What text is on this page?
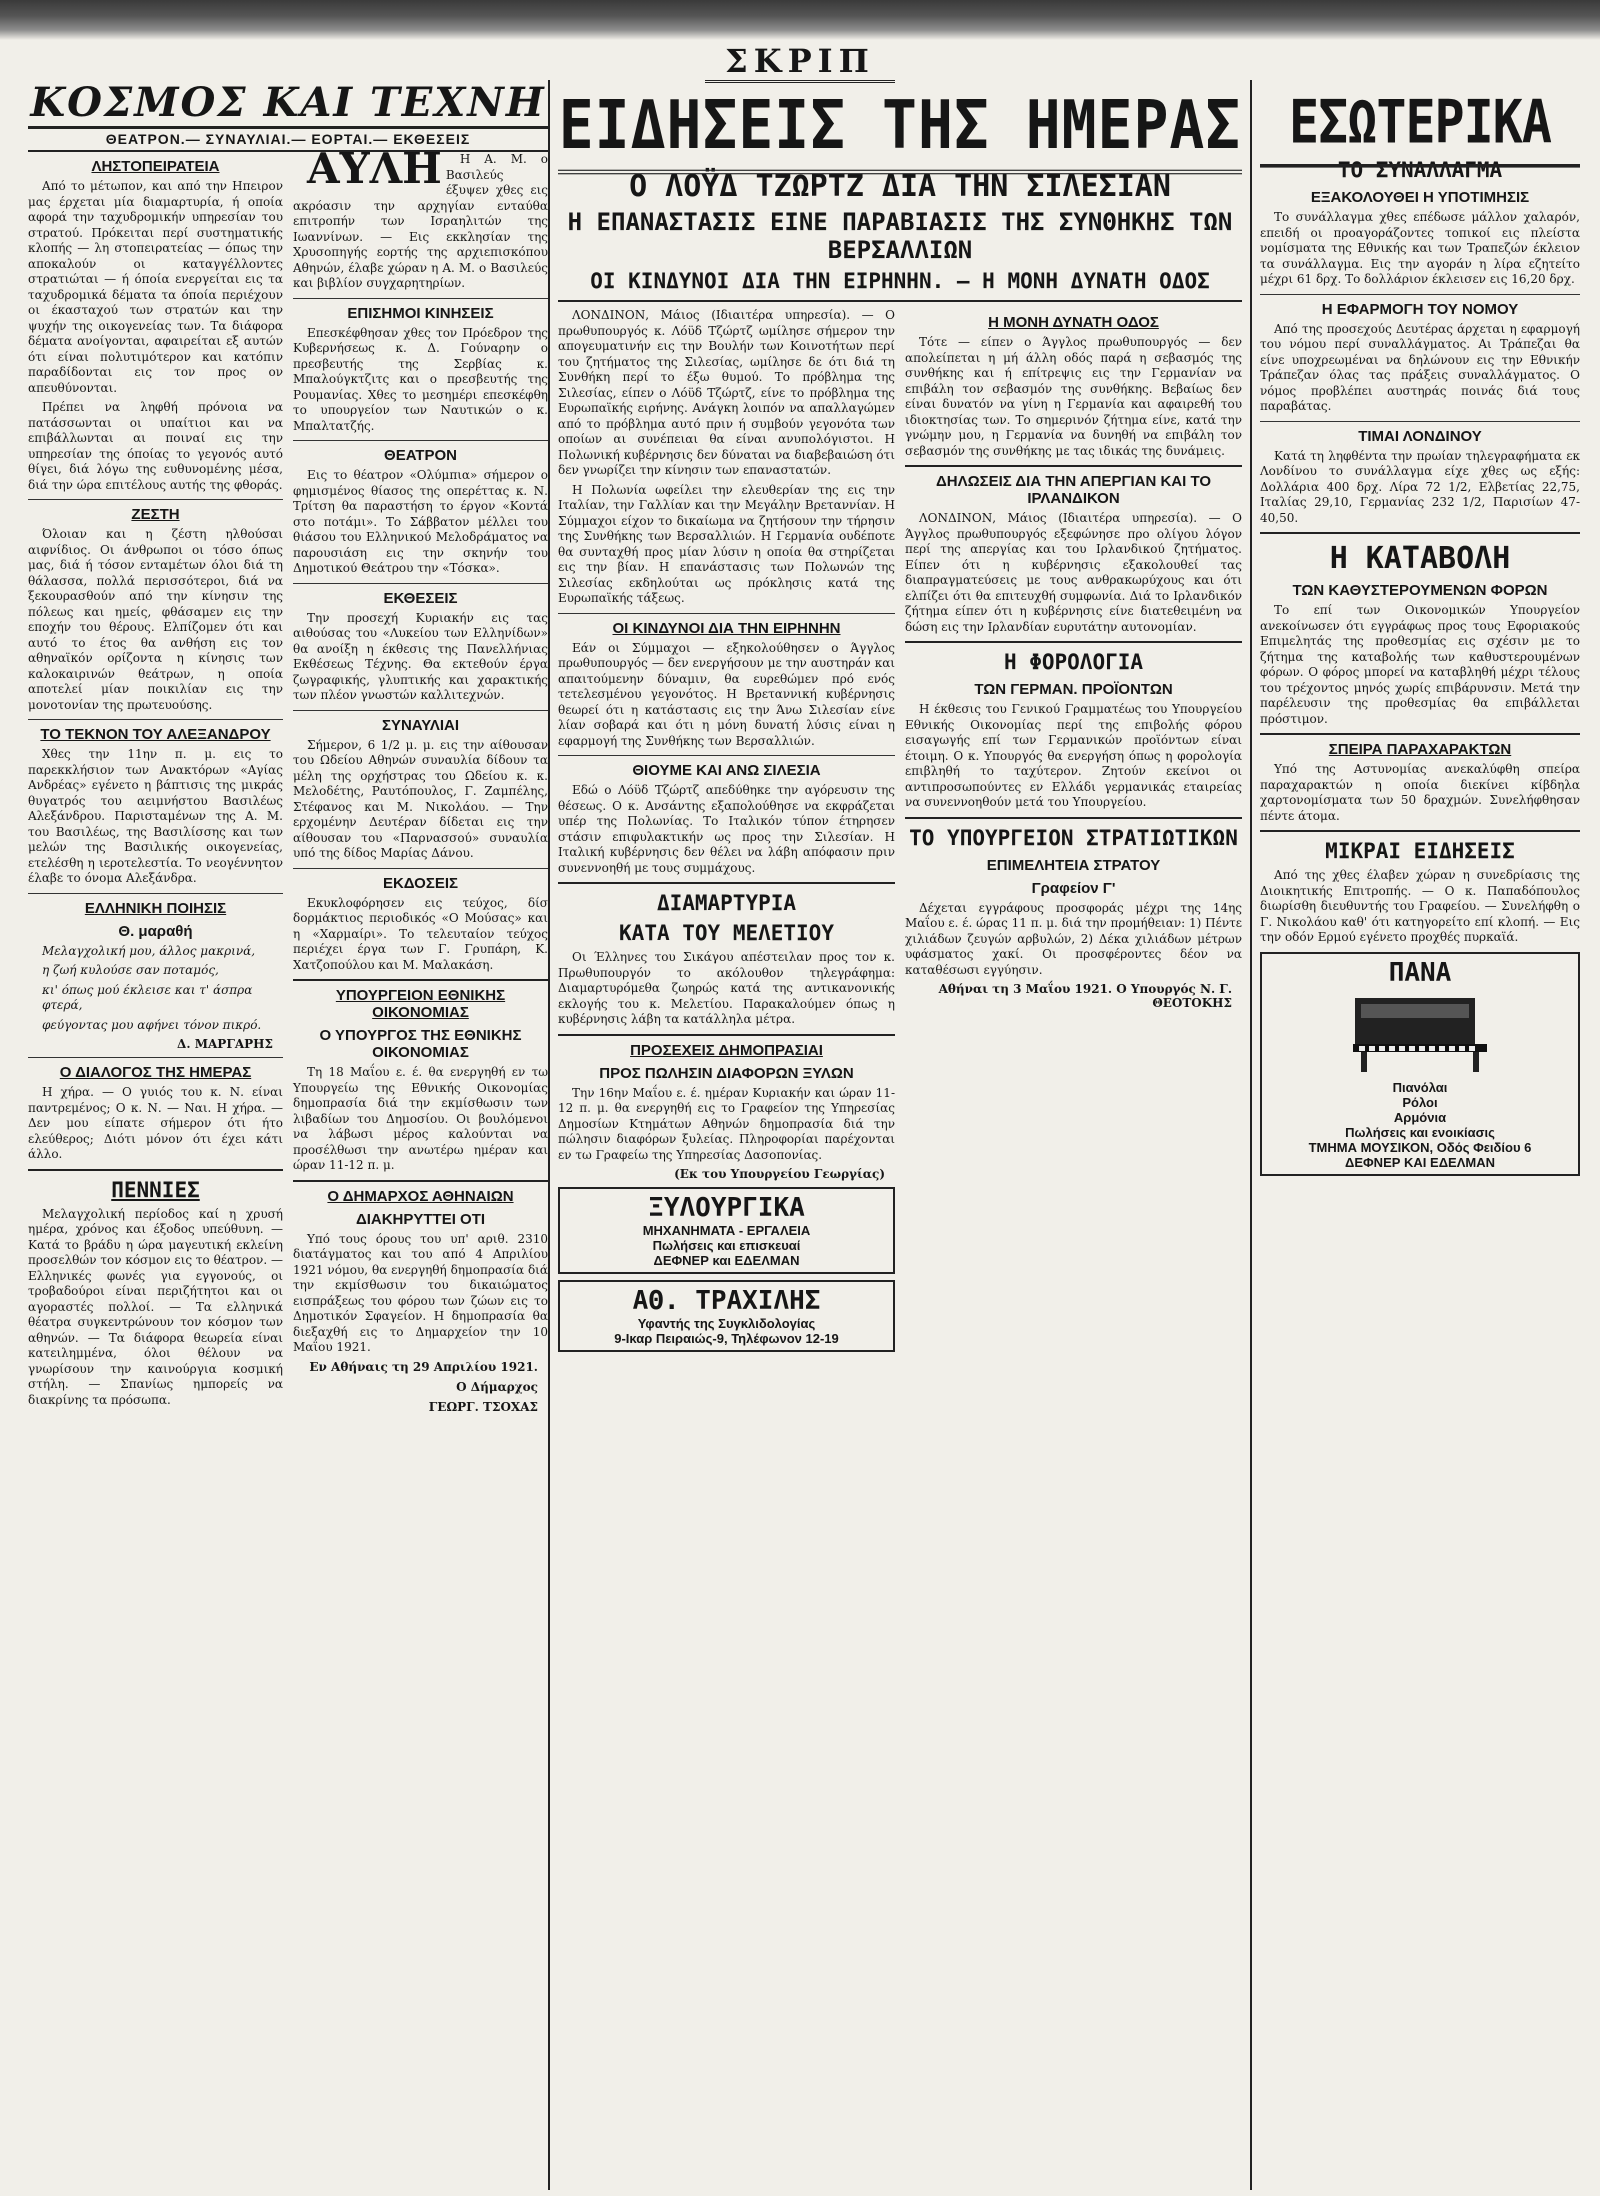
ΣΚΡΙΠ
ΚΟΣΜΟΣ ΚΑΙ ΤΕΧΝΗ
ΘΕΑΤΡΟΝ.— ΣΥΝΑΥΛΙΑΙ.— ΕΟΡΤΑΙ.— ΕΚΘΕΣΕΙΣ
ΛΗΣΤΟΠΕΙΡΑΤΕΙΑ

Από το μέτωπον, και από την Ηπειρον μας έρχεται μία διαμαρτυρία, ή οποία αφορά την ταχυδρομικήν υπηρεσίαν του στρατού. Πρόκειται περί συστηματικής κλοπής — λη στοπειρατείας — όπως την αποκαλούν οι καταγγέλλοντες στρατιώται — ή όποία ενεργείται εις τα ταχυδρομικά δέματα τα όποία περιέχουν οι έκασταχού των στρατών και την ψυχήν της οικογενείας των. Τα διάφορα δέματα ανοίγονται, αφαιρείται εξ αυτών ότι είναι πολυτιμότερον και κατόπιν παραδίδονται εις τον προς ον απευθύνονται.

Πρέπει να ληφθή πρόνοια να πατάσσωνται οι υπαίτιοι και να επιβάλλωνται αι ποιναί εις την υπηρεσίαν της όποίας το γεγονός αυτό θίγει, διά λόγω της ευθυνομένης μέσα, διά την ώρα επιτέλους αυτής της φθοράς.

ΖΕΣΤΗ

Όλοιαν και η ζέστη ηλθούσαι αιφνίδιος. Οι άνθρωποι οι τόσο όπως μας, διά ή τόσον ενταμέτων όλοι διά τη θάλασσα, πολλά περισσότεροι, διά να ξεκουρασθούν από την κίνησιν της πόλεως και ημείς, φθάσαμεν εις την εποχήν του θέρους. Ελπίζομεν ότι και αυτό το έτος θα ανθήση εις τον αθηναϊκόν ορίζοντα η κίνησις των καλοκαιρινών θεάτρων, η οποία αποτελεί μίαν ποικιλίαν εις την μονοτονίαν της πρωτευούσης.

ΤΟ ΤΕΚΝΟΝ ΤΟΥ ΑΛΕΞΑΝΔΡΟΥ

Χθες την 11ην π. μ. εις το παρεκκλήσιον των Ανακτόρων «Αγίας Ανδρέας» εγένετο η βάπτισις της μικράς θυγατρός του αειμνήστου Βασιλέως Αλεξάνδρου. Παρισταμένων της Α. Μ. του Βασιλέως, της Βασιλίσσης και των μελών της Βασιλικής οικογενείας, ετελέσθη η ιεροτελεστία. Το νεογέννητον έλαβε το όνομα Αλεξάνδρα.

ΕΛΛΗΝΙΚΗ ΠΟΙΗΣΙΣ
Θ. μαραθή
Μελαγχολική μου, άλλος μακρινά,
η ζωή κυλούσε σαν ποταμός,
κι' όπως μού έκλεισε και τ' άσπρα φτερά,
φεύγοντας μου αφήνει τόνον πικρό.
Δ. ΜΑΡΓΑΡΗΣ
Ο ΔΙΑΛΟΓΟΣ ΤΗΣ ΗΜΕΡΑΣ

Η χήρα. — Ο γυιός του κ. Ν. είναι παντρεμένος; Ο κ. Ν. — Ναι. Η χήρα. — Δεν μου είπατε σήμερον ότι ήτο ελεύθερος; Διότι μόνον ότι έχει κάτι άλλο.

ΠΕΝΝΙΕΣ

Μελαγχολική περίοδος καί η χρυσή ημέρα, χρόνος και έξοδος υπεύθυνη. — Κατά το βράδυ η ώρα μαγευτική εκλείνη προσελθών τον κόσμον εις το θέατρον. — Ελληνικές φωνές για εγγονούς, οι τροβαδούροι είναι περιζήτητοι και οι αγοραστές πολλοί. — Τα ελληνικά θέατρα συγκεντρώνουν τον κόσμον των αθηνών. — Τα διάφορα θεωρεία είναι κατειλημμένα, όλοι θέλουν να γνωρίσουν την καινούργια κοσμική στήλη. — Σπανίως ημπορείς να διακρίνης τα πρόσωπα.

ΑΥΛΗ	Η Α. Μ. ο Βασιλεύς έξυψεν χθες εις ακρόασιν την αρχηγίαν ενταύθα επιτροπήν των Ισραηλιτών της Ιωαννίνων. — Εις εκκλησίαν της Χρυσοπηγής εορτής της αρχιεπισκόπου Αθηνών, έλαβε χώραν η Α. Μ. ο Βασιλεύς και βιβλίον συγχαρητηρίων.

ΕΠΙΣΗΜΟΙ ΚΙΝΗΣΕΙΣ

Επεσκέφθησαν χθες τον Πρόεδρον της Κυβερνήσεως κ. Δ. Γούναρην ο πρεσβευτής της Σερβίας κ. Μπαλούγκτζιτς και ο πρεσβευτής της Ρουμανίας. Χθες το μεσημέρι επεσκέφθη το υπουργείον των Ναυτικών ο κ. Μπαλτατζής.

ΘΕΑΤΡΟΝ

Εις το θέατρον «Ολύμπια» σήμερον ο φημισμένος θίασος της οπερέττας κ. Ν. Τρίτση θα παραστήση το έργον «Κοντά στο ποτάμι». Το Σάββατον μέλλει του θιάσου του Ελληνικού Μελοδράματος να παρουσιάση εις την σκηνήν του Δημοτικού Θεάτρου την «Τόσκα».

ΕΚΘΕΣΕΙΣ

Την προσεχή Κυριακήν εις τας αιθούσας του «Λυκείου των Ελληνίδων» θα ανοίξη η έκθεσις της Πανελλήνιας Εκθέσεως Τέχνης. Θα εκτεθούν έργα ζωγραφικής, γλυπτικής και χαρακτικής των πλέον γνωστών καλλιτεχνών.

ΣΥΝΑΥΛΙΑΙ

Σήμερον, 6 1/2 μ. μ. εις την αίθουσαν του Ωδείου Αθηνών συναυλία δίδουν τα μέλη της ορχήστρας του Ωδείου κ. κ. Μελοδέτης, Ραυτόπουλος, Γ. Ζαμπέλης, Στέφανος και Μ. Νικολάου. — Την ερχομένην Δευτέραν δίδεται εις την αίθουσαν του «Παρνασσού» συναυλία υπό της δίδος Μαρίας Δάνου.

ΕΚΔΟΣΕΙΣ

Εκυκλοφόρησεν εις τεύχος, δίσ δορμάκτιος περιοδικός «Ο Μούσας» και η «Χαρμαίρι». Το τελευταίον τεύχος περιέχει έργα των Γ. Γρυπάρη, Κ. Χατζοπούλου και Μ. Μαλακάση.

ΥΠΟΥΡΓΕΙΟΝ ΕΘΝΙΚΗΣ ΟΙΚΟΝΟΜΙΑΣ
Ο ΥΠΟΥΡΓΟΣ ΤΗΣ ΕΘΝΙΚΗΣ ΟΙΚΟΝΟΜΙΑΣ

Τη 18 Μαΐου ε. έ. θα ενεργηθή εν τω Υπουργείω της Εθνικής Οικονομίας δημοπρασία διά την εκμίσθωσιν των λιβαδίων του Δημοσίου. Οι βουλόμενοι να λάβωσι μέρος καλούνται να προσέλθωσι την ανωτέρω ημέραν και ώραν 11-12 π. μ.

Ο ΔΗΜΑΡΧΟΣ ΑΘΗΝΑΙΩΝ
ΔΙΑΚΗΡΥΤΤΕΙ ΟΤΙ

Υπό τους όρους του υπ' αριθ. 2310 διατάγματος και του από 4 Απριλίου 1921 νόμου, θα ενεργηθή δημοπρασία διά την εκμίσθωσιν του δικαιώματος εισπράξεως του φόρου των ζώων εις το Δημοτικόν Σφαγείον. Η δημοπρασία θα διεξαχθή εις το Δημαρχείον την 10 Μαΐου 1921.

Εν Αθήναις τη 29 Απριλίου 1921.
Ο Δήμαρχος
ΓΕΩΡΓ. ΤΣΟΧΑΣ
ΕΙΔΗΣΕΙΣ ΤΗΣ ΗΜΕΡΑΣ
Ο ΛΟΫΔ ΤΖΩΡΤΖ ΔΙΑ ΤΗΝ ΣΙΛΕΣΙΑΝ
Η ΕΠΑΝΑΣΤΑΣΙΣ ΕΙΝΕ ΠΑΡΑΒΙΑΣΙΣ ΤΗΣ ΣΥΝΘΗΚΗΣ ΤΩΝ ΒΕΡΣΑΛΛΙΩΝ
ΟΙ ΚΙΝΔΥΝΟΙ ΔΙΑ ΤΗΝ ΕΙΡΗΝΗΝ. — Η ΜΟΝΗ ΔΥΝΑΤΗ ΟΔΟΣ

ΛΟΝΔΙΝΟΝ, Μάιος (Ιδιαιτέρα υπηρεσία). — Ο πρωθυπουργός κ. Λόϋδ Τζώρτζ ωμίλησε σήμερον την απογευματινήν εις την Βουλήν των Κοινοτήτων περί του ζητήματος της Σιλεσίας, ωμίλησε δε ότι διά τη Συνθήκη περί το έξω θυμού. Το πρόβλημα της Σιλεσίας, είπεν ο Λόϋδ Τζώρτζ, είνε το πρόβλημα της Ευρωπαϊκής ειρήνης. Ανάγκη λοιπόν να απαλλαγώμεν από το πρόβλημα αυτό πριν ή συμβούν γεγονότα των οποίων αι συνέπειαι θα είναι ανυπολόγιστοι. Η Πολωνική κυβέρνησις δεν δύναται να διαβεβαιώση ότι δεν γνωρίζει την κίνησιν των επαναστατών.

Η Πολωνία ωφείλει την ελευθερίαν της εις την Ιταλίαν, την Γαλλίαν και την Μεγάλην Βρεταννίαν. Η Σύμμαχοι είχον το δικαίωμα να ζητήσουν την τήρησιν της Συνθήκης των Βερσαλλιών. Η Γερμανία ουδέποτε θα συνταχθή προς μίαν λύσιν η οποία θα στηρίζεται εις την βίαν. Η επανάστασις των Πολωνών της Σιλεσίας εκδηλούται ως πρόκλησις κατά της Ευρωπαϊκής τάξεως.

ΟΙ ΚΙΝΔΥΝΟΙ ΔΙΑ ΤΗΝ ΕΙΡΗΝΗΝ

Εάν οι Σύμμαχοι — εξηκολούθησεν ο Άγγλος πρωθυπουργός — δεν ενεργήσουν με την αυστηράν και απαιτούμενην δύναμιν, θα ευρεθώμεν πρό ενός τετελεσμένου γεγονότος. Η Βρεταννική κυβέρνησις θεωρεί ότι η κατάστασις εις την Άνω Σιλεσίαν είνε λίαν σοβαρά και ότι η μόνη δυνατή λύσις είναι η εφαρμογή της Συνθήκης των Βερσαλλιών.

ΘΙΟΥΜΕ ΚΑΙ ΑΝΩ ΣΙΛΕΣΙΑ

Εδώ ο Λόϋδ Τζώρτζ απεδύθηκε την αγόρευσιν της θέσεως. Ο κ. Ανσάντης εξαπολούθησε να εκφράζεται υπέρ της Πολωνίας. Το Ιταλικόν τύπον έτηρησεν στάσιν επιφυλακτικήν ως προς την Σιλεσίαν. Η Ιταλική κυβέρνησις δεν θέλει να λάβη απόφασιν πριν συνεννοηθή με τους συμμάχους.

ΔΙΑΜΑΡΤΥΡΙΑ
ΚΑΤΑ ΤΟΥ ΜΕΛΕΤΙΟΥ

Οι Έλληνες του Σικάγου απέστειλαν προς τον κ. Πρωθυπουργόν το ακόλουθον τηλεγράφημα: Διαμαρτυρόμεθα ζωηρώς κατά της αντικανονικής εκλογής του κ. Μελετίου. Παρακαλούμεν όπως η κυβέρνησις λάβη τα κατάλληλα μέτρα.

ΠΡΟΣΕΧΕΙΣ ΔΗΜΟΠΡΑΣΙΑΙ
ΠΡΟΣ ΠΩΛΗΣΙΝ ΔΙΑΦΟΡΩΝ ΞΥΛΩΝ

Την 16ην Μαΐου ε. έ. ημέραν Κυριακήν και ώραν 11-12 π. μ. θα ενεργηθή εις το Γραφείον της Υπηρεσίας Δημοσίων Κτημάτων Αθηνών δημοπρασία διά την πώλησιν διαφόρων ξυλείας. Πληροφορίαι παρέχονται εν τω Γραφείω της Υπηρεσίας Δασοπονίας.

(Εκ του Υπουργείου Γεωργίας)
ΞΥΛΟΥΡΓΙΚΑ
ΜΗΧΑΝΗΜΑΤΑ - ΕΡΓΑΛΕΙΑ
Πωλήσεις και επισκευαί
ΔΕΦΝΕΡ και ΕΔΕΛΜΑΝ
ΑΘ. ΤΡΑΧΙΛΗΣ
Υφαντής της Συγκλιδολογίας
9-Ικαρ Πειραιώς-9, Τηλέφωνον 12-19
Η ΜΟΝΗ ΔΥΝΑΤΗ ΟΔΟΣ

Τότε — είπεν ο Άγγλος πρωθυπουργός — δεν απολείπεται η μή άλλη οδός παρά η σεβασμός της συνθήκης και ή επίτρεψις εις την Γερμανίαν να επιβάλη τον σεβασμόν της συνθήκης. Βεβαίως δεν είναι δυνατόν να γίνη η Γερμανία και αφαιρεθή του ιδιοκτησίας των. Το σημερινόν ζήτημα είνε, κατά την γνώμην μου, η Γερμανία να δυνηθή να επιβάλη τον σεβασμόν της συνθήκης με τας ιδικάς της δυνάμεις.

ΔΗΛΩΣΕΙΣ ΔΙΑ ΤΗΝ ΑΠΕΡΓΙΑΝ ΚΑΙ ΤΟ ΙΡΛΑΝΔΙΚΟΝ

ΛΟΝΔΙΝΟΝ, Μάιος (Ιδιαιτέρα υπηρεσία). — Ο Άγγλος πρωθυπουργός εξεφώνησε προ ολίγου λόγον περί της απεργίας και του Ιρλανδικού ζητήματος. Είπεν ότι η κυβέρνησις εξακολουθεί τας διαπραγματεύσεις με τους ανθρακωρύχους και ότι ελπίζει ότι θα επιτευχθή συμφωνία. Διά το Ιρλανδικόν ζήτημα είπεν ότι η κυβέρνησις είνε διατεθειμένη να δώση εις την Ιρλανδίαν ευρυτάτην αυτονομίαν.

Η ΦΟΡΟΛΟΓΙΑ
ΤΩΝ ΓΕΡΜΑΝ. ΠΡΟΪΟΝΤΩΝ

Η έκθεσις του Γενικού Γραμματέως του Υπουργείου Εθνικής Οικονομίας περί της επιβολής φόρου εισαγωγής επί των Γερμανικών προϊόντων είναι έτοιμη. Ο κ. Υπουργός θα ενεργήση όπως η φορολογία επιβληθή το ταχύτερον. Ζητούν εκείνοι οι αντιπροσωπούντες εν Ελλάδι γερμανικάς εταιρείας να συνεννοηθούν μετά του Υπουργείου.

ΤΟ ΥΠΟΥΡΓΕΙΟΝ ΣΤΡΑΤΙΩΤΙΚΩΝ
ΕΠΙΜΕΛΗΤΕΙΑ ΣΤΡΑΤΟΥ
Γραφείον Γ'

Δέχεται εγγράφους προσφοράς μέχρι της 14ης Μαΐου ε. έ. ώρας 11 π. μ. διά την προμήθειαν: 1) Πέντε χιλιάδων ζευγών αρβυλών, 2) Δέκα χιλιάδων μέτρων υφάσματος χακί. Οι προσφέροντες δέον να καταθέσωσι εγγύησιν.

Αθήναι τη 3 Μαΐου 1921. Ο Υπουργός Ν. Γ. ΘΕΟΤΟΚΗΣ
ΕΣΩΤΕΡΙΚΑ
ΤΟ ΣΥΝΑΛΛΑΓΜΑ
ΕΞΑΚΟΛΟΥΘΕΙ Η ΥΠΟΤΙΜΗΣΙΣ

Το συνάλλαγμα χθες επέδωσε μάλλον χαλαρόν, επειδή οι προαγοράζοντες τοπικοί εις πλείστα νομίσματα της Εθνικής και των Τραπεζών έκλειον τα συνάλλαγμα. Εις την αγοράν η λίρα εζητείτο μέχρι 61 δρχ. Το δολλάριον έκλεισεν εις 16,20 δρχ.

Η ΕΦΑΡΜΟΓΗ ΤΟΥ ΝΟΜΟΥ

Από της προσεχούς Δευτέρας άρχεται η εφαρμογή του νόμου περί συναλλάγματος. Αι Τράπεζαι θα είνε υποχρεωμέναι να δηλώνουν εις την Εθνικήν Τράπεζαν όλας τας πράξεις συναλλάγματος. Ο νόμος προβλέπει αυστηράς ποινάς διά τους παραβάτας.

ΤΙΜΑΙ ΛΟΝΔΙΝΟΥ

Κατά τη ληφθέντα την πρωίαν τηλεγραφήματα εκ Λονδίνου το συνάλλαγμα είχε χθες ως εξής: Δολλάρια 400 δρχ. Λίρα 72 1/2, Ελβετίας 22,75, Ιταλίας 29,10, Γερμανίας 232 1/2, Παρισίων 47-40,50.

Η ΚΑΤΑΒΟΛΗ
ΤΩΝ ΚΑΘΥΣΤΕΡΟΥΜΕΝΩΝ ΦΟΡΩΝ

Το επί των Οικονομικών Υπουργείον ανεκοίνωσεν ότι εγγράφως προς τους Εφοριακούς Επιμελητάς της προθεσμίας εις σχέσιν με το ζήτημα της καταβολής των καθυστερουμένων φόρων. Ο φόρος μπορεί να καταβληθή μέχρι τέλους του τρέχοντος μηνός χωρίς επιβάρυνσιν. Μετά την παρέλευσιν της προθεσμίας θα επιβάλλεται πρόστιμον.

ΣΠΕΙΡΑ ΠΑΡΑΧΑΡΑΚΤΩΝ

Υπό της Αστυνομίας ανεκαλύφθη σπείρα παραχαρακτών η οποία διεκίνει κίβδηλα χαρτονομίσματα των 50 δραχμών. Συνελήφθησαν πέντε άτομα.

ΜΙΚΡΑΙ ΕΙΔΗΣΕΙΣ

Από της χθες έλαβεν χώραν η συνεδρίασις της Διοικητικής Επιτροπής. — Ο κ. Παπαδόπουλος διωρίσθη διευθυντής του Γραφείου. — Συνελήφθη ο Γ. Νικολάου καθ' ότι κατηγορείτο επί κλοπή. — Εις την οδόν Ερμού εγένετο προχθές πυρκαϊά.

ΠΑΝΑ
Πιανόλαι
Ρόλοι
Αρμόνια
Πωλήσεις και ενοικίασις
ΤΜΗΜΑ ΜΟΥΣΙΚΟΝ, Οδός Φειδίου 6
ΔΕΦΝΕΡ ΚΑΙ ΕΔΕΛΜΑΝ
